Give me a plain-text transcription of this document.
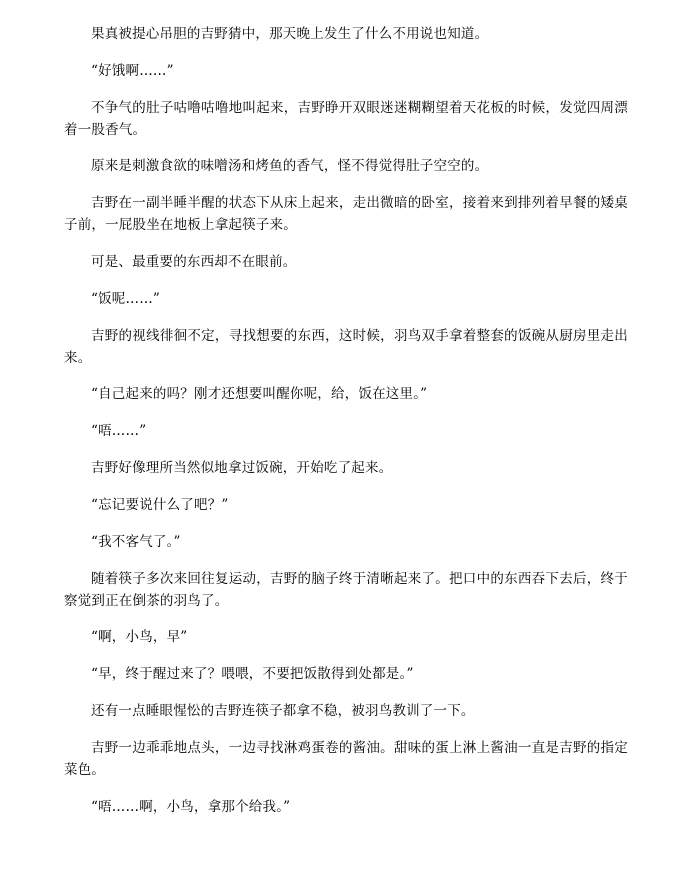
果真被提心吊胆的吉野猜中，那天晚上发生了什么不用说也知道。

“好饿啊……”

不争气的肚子咕噜咕噜地叫起来，吉野睁开双眼迷迷糊糊望着天花板的时候，发觉四周漂着一股香气。

原来是刺激食欲的味噌汤和烤鱼的香气，怪不得觉得肚子空空的。

吉野在一副半睡半醒的状态下从床上起来，走出微暗的卧室，接着来到排列着早餐的矮桌子前，一屁股坐在地板上拿起筷子来。

可是、最重要的东西却不在眼前。

“饭呢……”

吉野的视线徘徊不定，寻找想要的东西，这时候，羽鸟双手拿着整套的饭碗从厨房里走出来。

“自己起来的吗？刚才还想要叫醒你呢，给，饭在这里。”

“唔……”

吉野好像理所当然似地拿过饭碗，开始吃了起来。

“忘记要说什么了吧？”

“我不客气了。”

随着筷子多次来回往复运动，吉野的脑子终于清晰起来了。把口中的东西吞下去后，终于察觉到正在倒茶的羽鸟了。

“啊，小鸟，早”

“早，终于醒过来了？喂喂，不要把饭散得到处都是。”

还有一点睡眼惺忪的吉野连筷子都拿不稳，被羽鸟教训了一下。

吉野一边乖乖地点头，一边寻找淋鸡蛋卷的酱油。甜味的蛋上淋上酱油一直是吉野的指定菜色。

“唔……啊，小鸟，拿那个给我。”
